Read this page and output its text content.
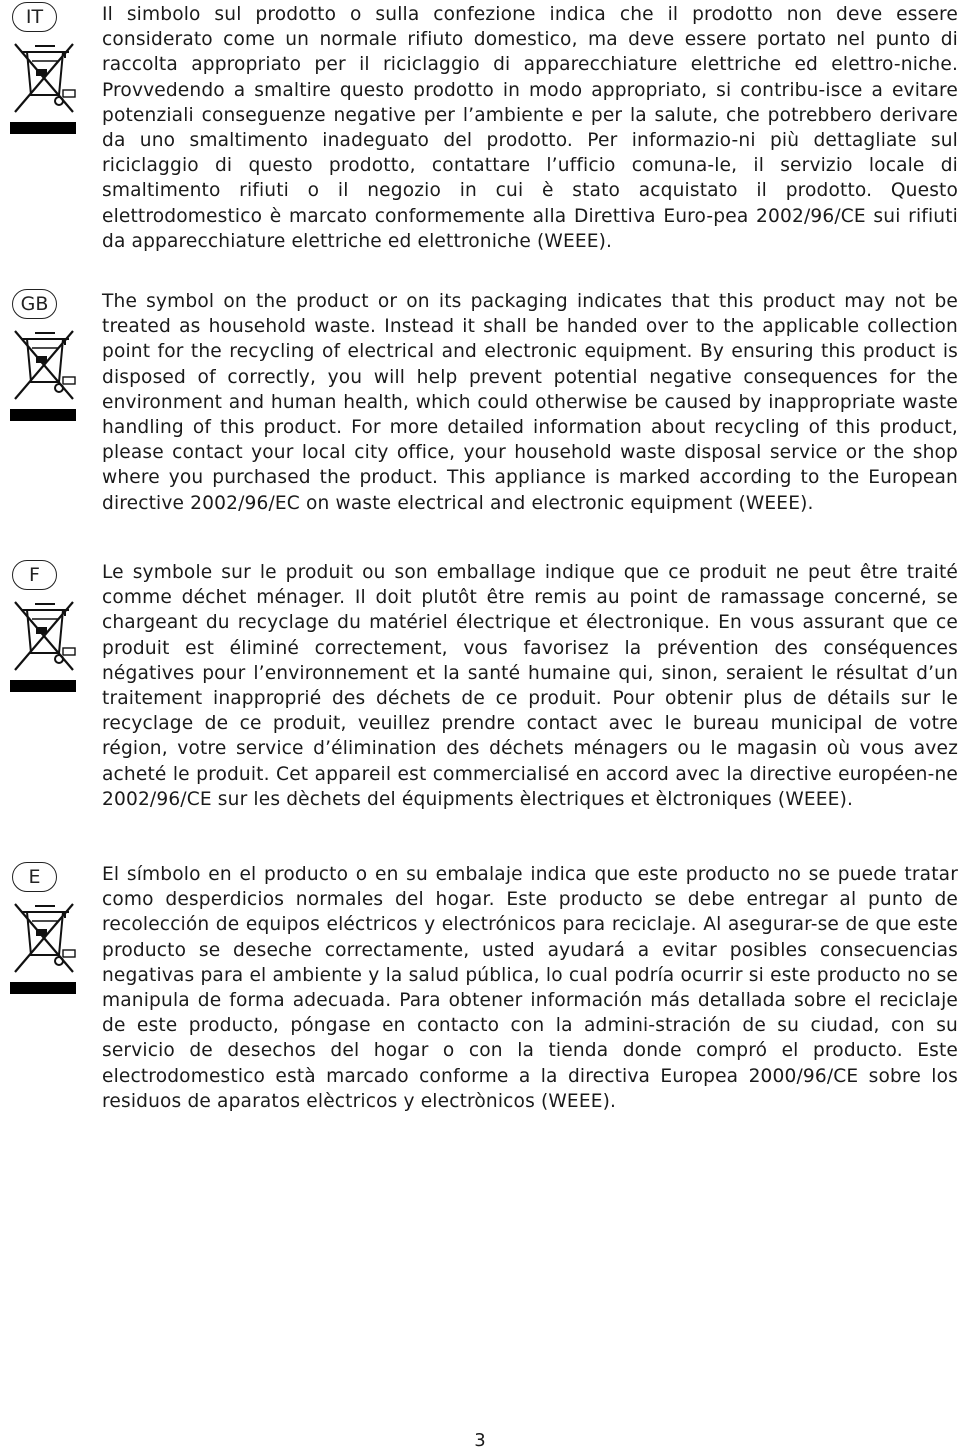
IT	Il simbolo sul prodotto o sulla confezione indica che il prodotto non deve essere considerato come un normale rifiuto domestico, ma deve essere portato nel punto di raccolta appropriato per il riciclaggio di apparecchiature elettriche ed elettro-niche. Provvedendo a smaltire questo prodotto in modo appropriato, si contribu-isce a evitare potenziali conseguenze negative per l’ambiente e per la salute, che potrebbero derivare da uno smaltimento inadeguato del prodotto. Per informazio-ni più dettagliate sul riciclaggio di questo prodotto, contattare l’ufficio comuna-le, il servizio locale di smaltimento rifiuti o il negozio in cui è stato acquistato il prodotto. Questo elettrodomestico è marcato conformemente alla Direttiva Euro-pea 2002/96/CE sui rifiuti da apparecchiature elettriche ed elettroniche (WEEE).

GB	The symbol on the product or on its packaging indicates that this product may not be treated as household waste. Instead it shall be handed over to the applicable collection point for the recycling of electrical and electronic equipment. By ensuring this product is disposed of correctly, you will help prevent potential negative consequences for the environment and human health, which could otherwise be caused by inappropriate waste handling of this product. For more detailed information about recycling of this product, please contact your local city office, your household waste disposal service or the shop where you purchased the product. This appliance is marked according to the European directive 2002/96/EC on waste electrical and electronic equipment (WEEE).

F	Le symbole sur le produit ou son emballage indique que ce produit ne peut être traité comme déchet ménager. Il doit plutôt être remis au point de ramassage concerné, se chargeant du recyclage du matériel électrique et électronique. En vous assurant que ce produit est éliminé correctement, vous favorisez la prévention des conséquences négatives pour l’environnement et la santé humaine qui, sinon, seraient le résultat d’un traitement inapproprié des déchets de ce produit. Pour obtenir plus de détails sur le recyclage de ce produit, veuillez prendre contact avec le bureau municipal de votre région, votre service d’élimination des déchets ménagers ou le magasin où vous avez acheté le produit. Cet appareil est commercialisé en accord avec la directive européen-ne 2002/96/CE sur les dèchets del équipments èlectriques et èlctroniques (WEEE).

E	El símbolo en el producto o en su embalaje indica que este producto no se puede tratar como desperdicios normales del hogar. Este producto se debe entregar al punto de recolección de equipos eléctricos y electrónicos para reciclaje. Al asegurar-se de que este producto se deseche correctamente, usted ayudará a evitar posibles consecuencias negativas para el ambiente y la salud pública, lo cual podría ocurrir si este producto no se manipula de forma adecuada. Para obtener información más detallada sobre el reciclaje de este producto, póngase en contacto con la admini-stración de su ciudad, con su servicio de desechos del hogar o con la tienda donde compró el producto. Este electrodomestico està marcado conforme a la directiva Europea 2000/96/CE sobre los residuos de aparatos elèctricos y electrònicos (WEEE).

3
